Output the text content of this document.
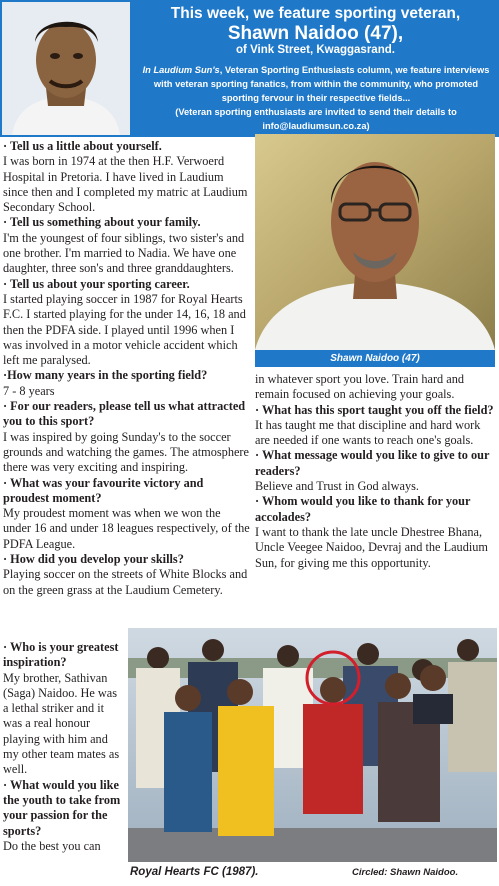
This week, we feature sporting veteran,
Shawn Naidoo (47),
of Vink Street, Kwaggasrand.
In Laudium Sun's, Veteran Sporting Enthusiasts column, we feature interviews with veteran sporting fanatics, from within the community, who promoted sporting fervour in their respective fields...
(Veteran sporting enthusiasts are invited to send their details to info@laudiumsun.co.za)
· Tell us a little about yourself.
I was born in 1974 at the then H.F. Verwoerd Hospital in Pretoria. I have lived in Laudium since then and I completed my matric at Laudium Secondary School.
· Tell us something about your family.
I'm the youngest of four siblings, two sister's and one brother. I'm married to Nadia. We have one daughter, three son's and three granddaughters.
· Tell us about your sporting career.
I started playing soccer in 1987 for Royal Hearts F.C. I started playing for the under 14, 16, 18 and then the PDFA side. I played until 1996 when I was involved in a motor vehicle accident which left me paralysed.
·How many years in the sporting field?
7 - 8 years
· For our readers, please tell us what attracted you to this sport?
I was inspired by going Sunday's to the soccer grounds and watching the games. The atmosphere there was very exciting and inspiring.
· What was your favourite victory and proudest moment?
My proudest moment was when we won the under 16 and under 18 leagues respectively, of the PDFA League.
· How did you develop your skills?
Playing soccer on the streets of White Blocks and on the green grass at the Laudium Cemetery.
Shawn Naidoo (47)
in whatever sport you love. Train hard and remain focused on achieving your goals.
· What has this sport taught you off the field?
It has taught me that discipline and hard work are needed if one wants to reach one's goals.
· What message would you like to give to our readers?
Believe and Trust in God always.
· Whom would you like to thank for your accolades?
I want to thank the late uncle Dhestree Bhana, Uncle Veegee Naidoo, Devraj and the Laudium Sun, for giving me this opportunity.
· Who is your greatest inspiration?
My brother, Sathivan (Saga) Naidoo. He was a lethal striker and it was a real honour playing with him and my other team mates as well.
· What would you like the youth to take from your passion for the sports?
Do the best you can
Royal Hearts FC (1987).	Circled: Shawn Naidoo.
